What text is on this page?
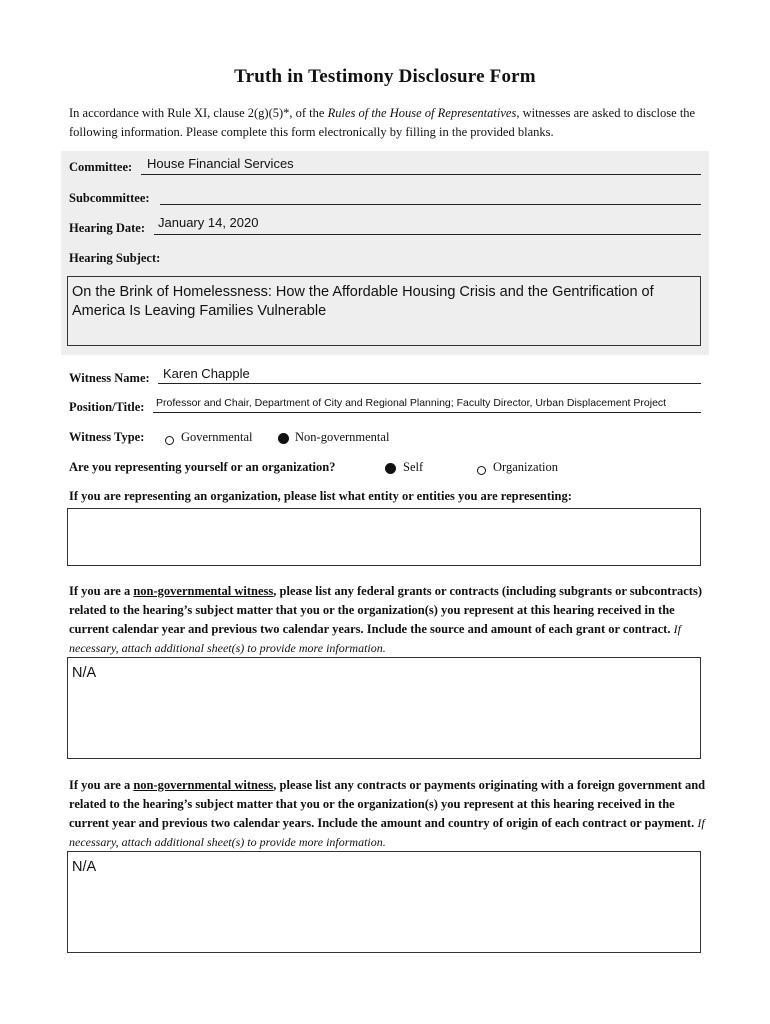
Truth in Testimony Disclosure Form
In accordance with Rule XI, clause 2(g)(5)*, of the Rules of the House of Representatives, witnesses are asked to disclose the following information. Please complete this form electronically by filling in the provided blanks.
Committee: House Financial Services
Subcommittee:
Hearing Date: January 14, 2020
Hearing Subject:
On the Brink of Homelessness: How the Affordable Housing Crisis and the Gentrification of America Is Leaving Families Vulnerable
Witness Name: Karen Chapple
Position/Title: Professor and Chair, Department of City and Regional Planning; Faculty Director, Urban Displacement Project
Witness Type:	Governmental	Non-governmental
Are you representing yourself or an organization?	Self	Organization
If you are representing an organization, please list what entity or entities you are representing:
If you are a non-governmental witness, please list any federal grants or contracts (including subgrants or subcontracts) related to the hearing’s subject matter that you or the organization(s) you represent at this hearing received in the current calendar year and previous two calendar years. Include the source and amount of each grant or contract. If necessary, attach additional sheet(s) to provide more information.
N/A
If you are a non-governmental witness, please list any contracts or payments originating with a foreign government and related to the hearing’s subject matter that you or the organization(s) you represent at this hearing received in the current year and previous two calendar years. Include the amount and country of origin of each contract or payment. If necessary, attach additional sheet(s) to provide more information.
N/A
